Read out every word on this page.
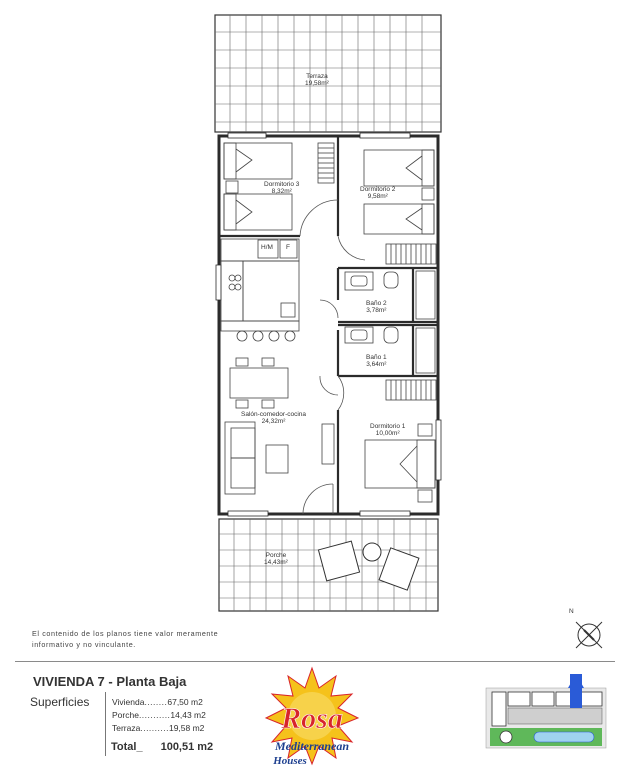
Terraza
19,58m²
Dormitorio 3
8,32m²	Dormitorio 2
9,58m²
Baño 2
3,78m²
Baño 1
3,64m²
Salón-comedor-cocina
24,32m²
Dormitorio 1
10,00m²
Porche
14,43m²
H/M F
N
El contenido de los planos tiene valor meramente informativo y no vinculante.
VIVIENDA 7 - Planta Baja
Superficies	Vivienda........67,50 m2
Porche...........14,43 m2
Terraza..........19,58 m2
Total_ 100,51 m2
Rosa
Mediterranean
Houses
